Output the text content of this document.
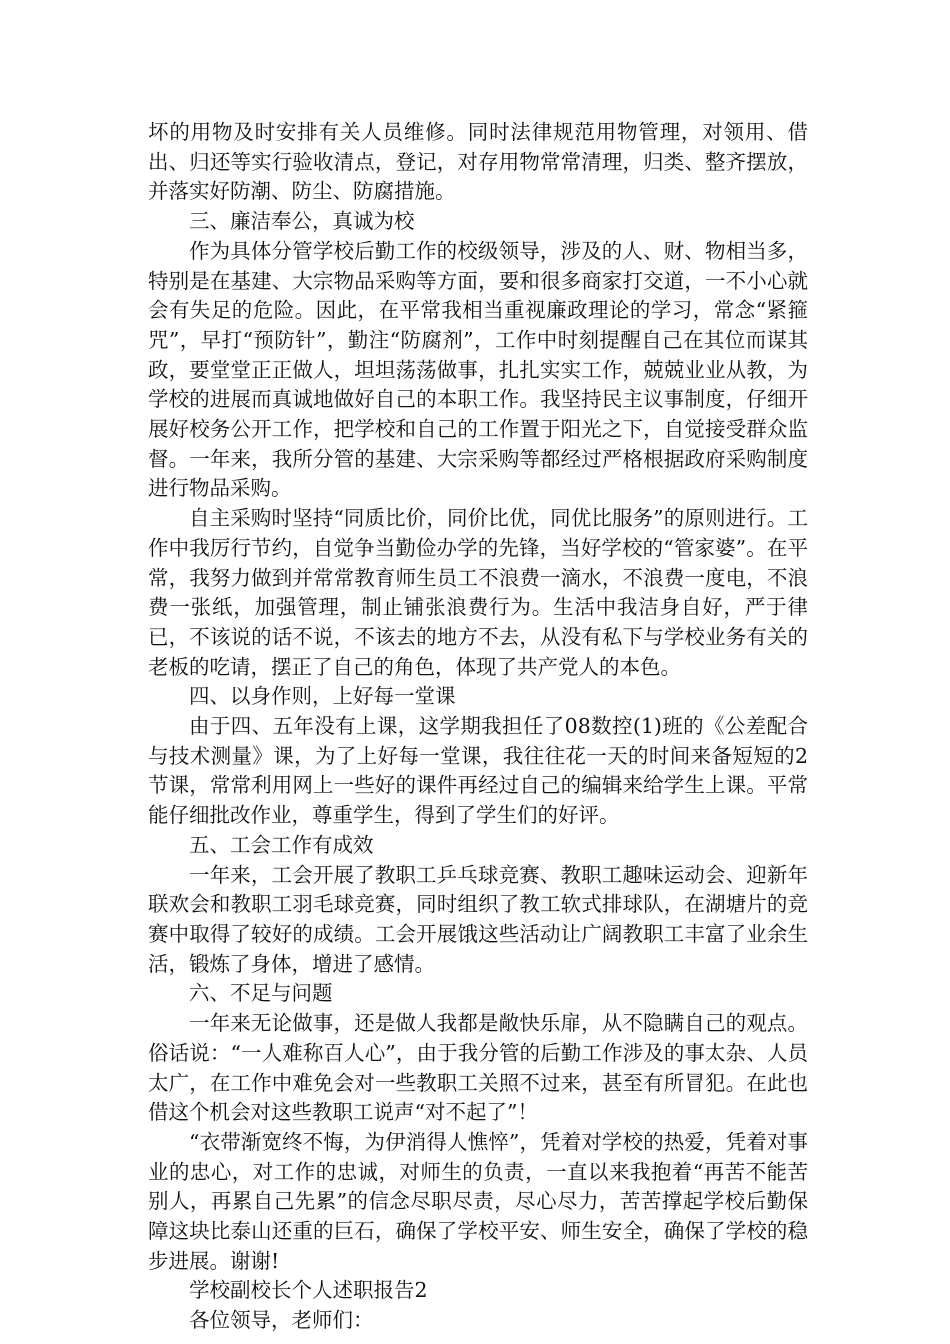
坏的用物及时安排有关人员维修。同时法律规范用物管理，对领用、借出、归还等实行验收清点，登记，对存用物常常清理，归类、整齐摆放，并落实好防潮、防尘、防腐措施。

三、廉洁奉公，真诚为校

作为具体分管学校后勤工作的校级领导，涉及的人、财、物相当多，特别是在基建、大宗物品采购等方面，要和很多商家打交道，一不小心就会有失足的危险。因此，在平常我相当重视廉政理论的学习，常念“紧箍咒”，早打“预防针”，勤注“防腐剂”，工作中时刻提醒自己在其位而谋其政，要堂堂正正做人，坦坦荡荡做事，扎扎实实工作，兢兢业业从教，为学校的进展而真诚地做好自己的本职工作。我坚持民主议事制度，仔细开展好校务公开工作，把学校和自己的工作置于阳光之下，自觉接受群众监督。一年来，我所分管的基建、大宗采购等都经过严格根据政府采购制度进行物品采购。

自主采购时坚持“同质比价，同价比优，同优比服务”的原则进行。工作中我厉行节约，自觉争当勤俭办学的先锋，当好学校的“管家婆”。在平常，我努力做到并常常教育师生员工不浪费一滴水，不浪费一度电，不浪费一张纸，加强管理，制止铺张浪费行为。生活中我洁身自好，严于律已，不该说的话不说，不该去的地方不去，从没有私下与学校业务有关的老板的吃请，摆正了自己的角色，体现了共产党人的本色。

四、以身作则，上好每一堂课

由于四、五年没有上课，这学期我担任了08数控(1)班的《公差配合与技术测量》课，为了上好每一堂课，我往往花一天的时间来备短短的2节课，常常利用网上一些好的课件再经过自己的编辑来给学生上课。平常能仔细批改作业，尊重学生，得到了学生们的好评。

五、工会工作有成效

一年来，工会开展了教职工乒乓球竞赛、教职工趣味运动会、迎新年联欢会和教职工羽毛球竞赛，同时组织了教工软式排球队，在湖塘片的竞赛中取得了较好的成绩。工会开展饿这些活动让广阔教职工丰富了业余生活，锻炼了身体，增进了感情。

六、不足与问题

一年来无论做事，还是做人我都是敞快乐扉，从不隐瞒自己的观点。俗话说：“一人难称百人心”，由于我分管的后勤工作涉及的事太杂、人员太广，在工作中难免会对一些教职工关照不过来，甚至有所冒犯。在此也借这个机会对这些教职工说声“对不起了”！

“衣带渐宽终不悔，为伊消得人憔悴”，凭着对学校的热爱，凭着对事业的忠心，对工作的忠诚，对师生的负责，一直以来我抱着“再苦不能苦别人，再累自己先累”的信念尽职尽责，尽心尽力，苦苦撑起学校后勤保障这块比泰山还重的巨石，确保了学校平安、师生安全，确保了学校的稳步进展。谢谢!

学校副校长个人述职报告2

各位领导，老师们：
